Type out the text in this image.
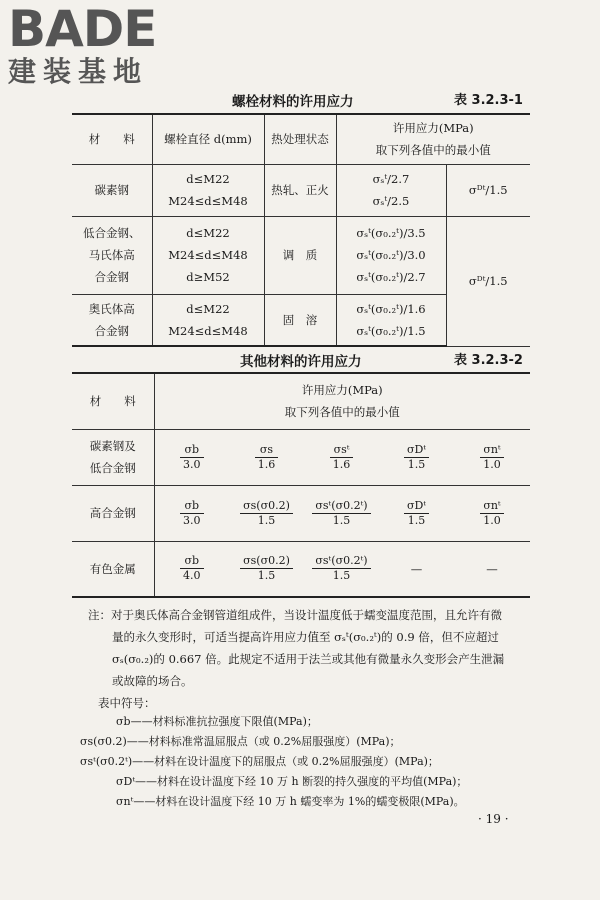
BADE
建装基地
螺栓材料的许用应力	表 3.2.3-1
材　　料	螺栓直径 d(mm)	热处理状态	许用应力(MPa)
取下列各值中的最小值	

碳素钢	d≤M22
M24≤d≤M48	热轧、正火	σₛᵗ/2.7
σₛᵗ/2.5	σᴰᵗ/1.5

低合金钢、
马氏体高
合金钢	d≤M22
M24≤d≤M48
d≥M52	调　质	σₛᵗ(σ₀.₂ᵗ)/3.5
σₛᵗ(σ₀.₂ᵗ)/3.0
σₛᵗ(σ₀.₂ᵗ)/2.7	σᴰᵗ/1.5

奥氏体高
合金钢	d≤M22
M24≤d≤M48	固　溶	σₛᵗ(σ₀.₂ᵗ)/1.6
σₛᵗ(σ₀.₂ᵗ)/1.5	
其他材料的许用应力	表 3.2.3-2
材　　料	许用应力(MPa)
取下列各值中的最小值				

碳素钢及
低合金钢	$\frac{\sigma b}{3.0}$	$\frac{\sigma s}{1.6}$	$\frac{\text{σsᵗ}}{1.6}$	$\frac{\text{σDᵗ}}{1.5}$	$\frac{\text{σnᵗ}}{1.0}$

高合金钢	$\frac{\sigma b}{3.0}$	$\frac{\sigma s(\sigma 0.2)}{1.5}$	$\frac{\text{σsᵗ(σ0.2ᵗ)}}{1.5}$	$\frac{\text{σDᵗ}}{1.5}$	$\frac{\text{σnᵗ}}{1.0}$

有色金属	$\frac{\sigma b}{4.0}$	$\frac{\sigma s(\sigma 0.2)}{1.5}$	$\frac{\text{σsᵗ(σ0.2ᵗ)}}{1.5}$	—	—
注：对于奥氏体高合金钢管道组成件，当设计温度低于蠕变温度范围，且允许有微
量的永久变形时，可适当提高许用应力值至 σₛᵗ(σ₀.₂ᵗ)的 0.9 倍，但不应超过
σₛ(σ₀.₂)的 0.667 倍。此规定不适用于法兰或其他有微量永久变形会产生泄漏
或故障的场合。
表中符号：
σb——材料标准抗拉强度下限值(MPa)；
σs(σ0.2)——材料标准常温屈服点（或 0.2%屈服强度）(MPa)；
σsᵗ(σ0.2ᵗ)——材料在设计温度下的屈服点（或 0.2%屈服强度）(MPa)；
σDᵗ——材料在设计温度下经 10 万 h 断裂的持久强度的平均值(MPa)；
σnᵗ——材料在设计温度下经 10 万 h 蠕变率为 1%的蠕变极限(MPa)。
· 19 ·
